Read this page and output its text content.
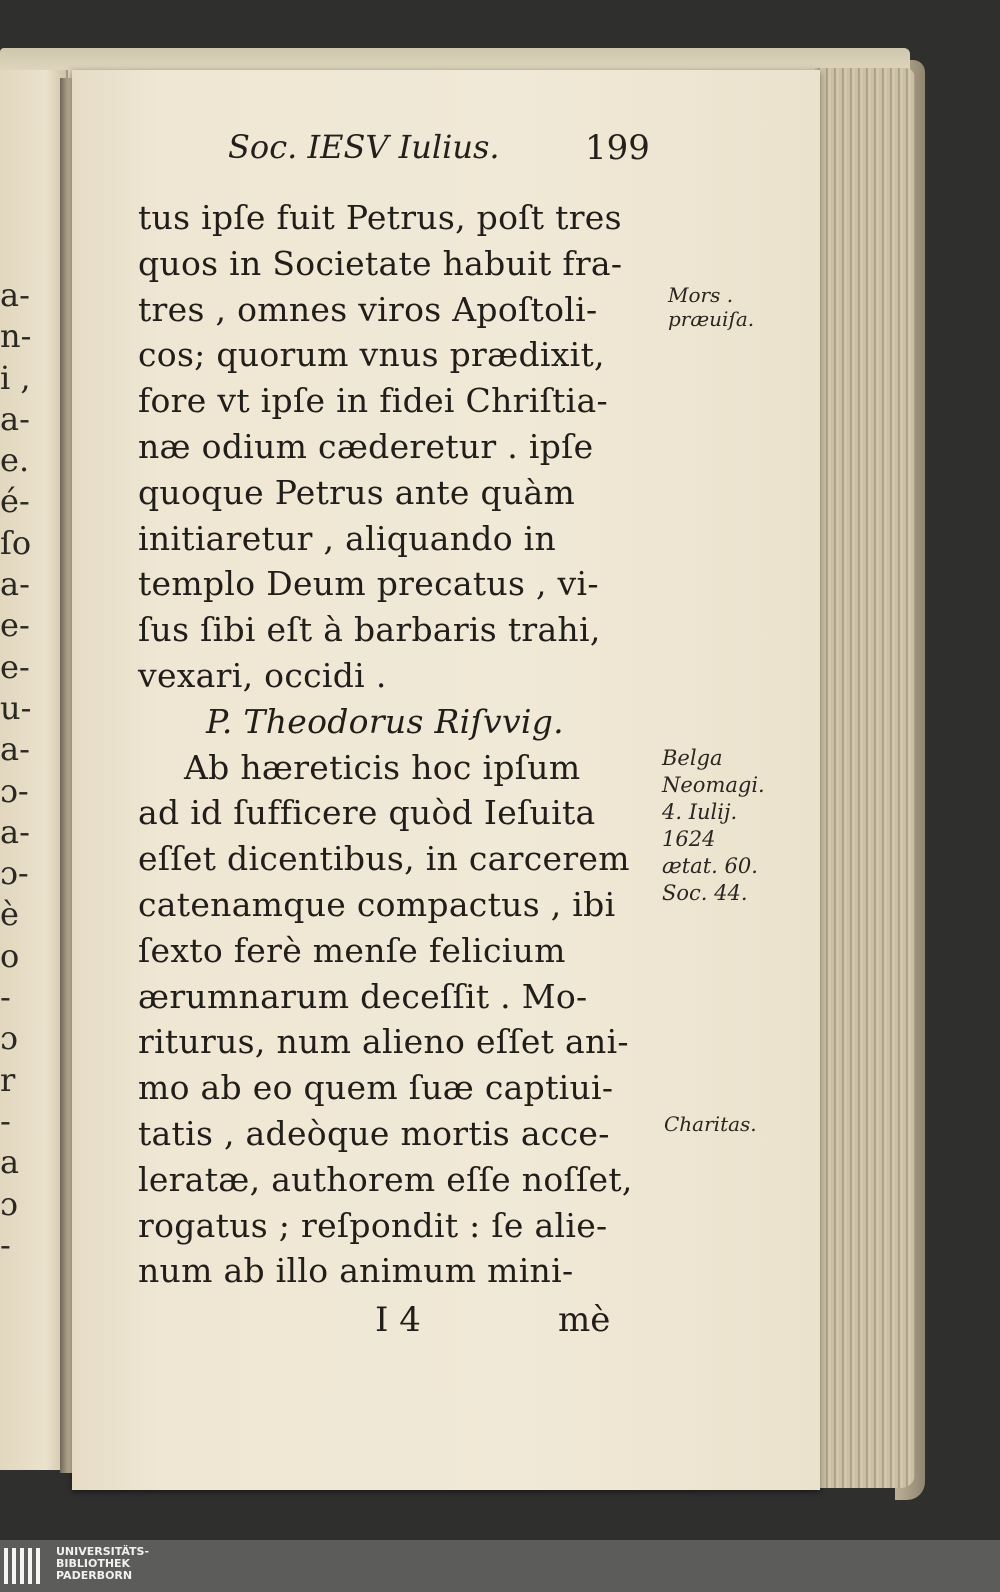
a-
n-
i ,
a-
e.
é-
ſo
a-
e-
e-
u-
a-
ɔ-
a-
ɔ-
è
o
-
ɔ
r
-
a
ɔ
-
Soc. IESV Iulius.	199
tus ipſe fuit Petrus, poſt tres
quos in Societate habuit fra-
tres , omnes viros Apoſtoli-
cos; quorum vnus prædixit,
fore vt ipſe in fidei Chriſtia-
næ odium cæderetur . ipſe
quoque Petrus ante quàm
initiaretur , aliquando in
templo Deum precatus , vi-
ſus ſibi eſt à barbaris trahi,
vexari, occidi .
P. Theodorus Riſvvig.
Ab hæreticis hoc ipſum
ad id ſufficere quòd Ieſuita
eſſet dicentibus, in carcerem
catenamque compactus , ibi
ſexto ferè menſe felicium
ærumnarum deceſſit . Mo-
riturus, num alieno eſſet ani-
mo ab eo quem ſuæ captiui-
tatis , adeòque mortis acce-
leratæ, authorem eſſe noſſet,
rogatus ; reſpondit : ſe alie-
num ab illo animum mini-
I 4	mè
Mors .
præuiſa.
Belga
Neomagi.
4. Iulij.
1624
ætat. 60.
Soc. 44.
Charitas.
UNIVERSITÄTS-
BIBLIOTHEK
PADERBORN
